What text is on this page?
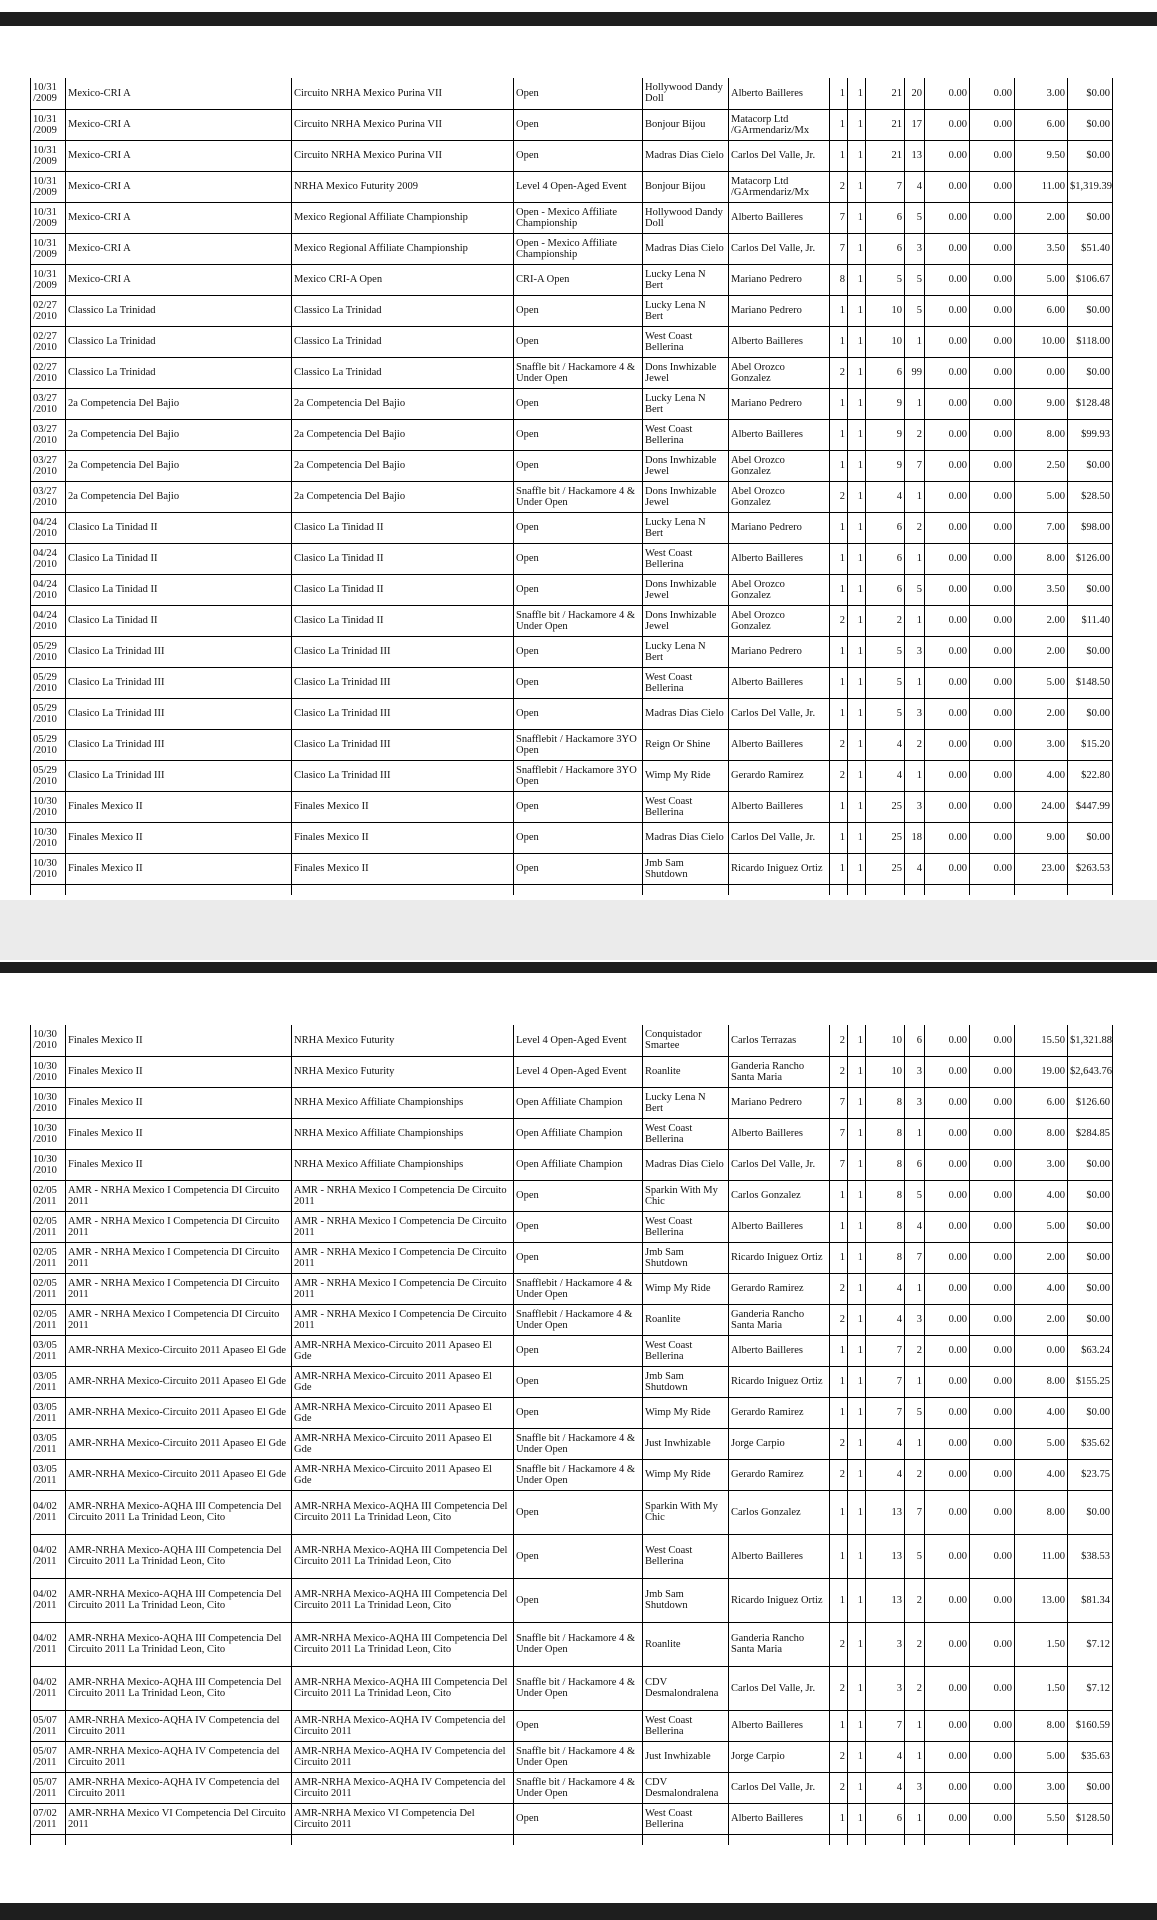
10/31 /2009	Mexico-CRI A	Circuito NRHA Mexico Purina VII	Open	Hollywood Dandy Doll	Alberto Bailleres	1	1	21	20	0.00	0.00	3.00	$0.00
10/31 /2009	Mexico-CRI A	Circuito NRHA Mexico Purina VII	Open	Bonjour Bijou	Matacorp Ltd /GArmendariz/Mx	1	1	21	17	0.00	0.00	6.00	$0.00
10/31 /2009	Mexico-CRI A	Circuito NRHA Mexico Purina VII	Open	Madras Dias Cielo	Carlos Del Valle, Jr.	1	1	21	13	0.00	0.00	9.50	$0.00
10/31 /2009	Mexico-CRI A	NRHA Mexico Futurity 2009	Level 4 Open-Aged Event	Bonjour Bijou	Matacorp Ltd /GArmendariz/Mx	2	1	7	4	0.00	0.00	11.00	$1,319.39
10/31 /2009	Mexico-CRI A	Mexico Regional Affiliate Championship	Open - Mexico Affiliate Championship	Hollywood Dandy Doll	Alberto Bailleres	7	1	6	5	0.00	0.00	2.00	$0.00
10/31 /2009	Mexico-CRI A	Mexico Regional Affiliate Championship	Open - Mexico Affiliate Championship	Madras Dias Cielo	Carlos Del Valle, Jr.	7	1	6	3	0.00	0.00	3.50	$51.40
10/31 /2009	Mexico-CRI A	Mexico CRI-A Open	CRI-A Open	Lucky Lena N Bert	Mariano Pedrero	8	1	5	5	0.00	0.00	5.00	$106.67
02/27 /2010	Classico La Trinidad	Classico La Trinidad	Open	Lucky Lena N Bert	Mariano Pedrero	1	1	10	5	0.00	0.00	6.00	$0.00
02/27 /2010	Classico La Trinidad	Classico La Trinidad	Open	West Coast Bellerina	Alberto Bailleres	1	1	10	1	0.00	0.00	10.00	$118.00
02/27 /2010	Classico La Trinidad	Classico La Trinidad	Snaffle bit / Hackamore 4 & Under Open	Dons Inwhizable Jewel	Abel Orozco Gonzalez	2	1	6	99	0.00	0.00	0.00	$0.00
03/27 /2010	2a Competencia Del Bajio	2a Competencia Del Bajio	Open	Lucky Lena N Bert	Mariano Pedrero	1	1	9	1	0.00	0.00	9.00	$128.48
03/27 /2010	2a Competencia Del Bajio	2a Competencia Del Bajio	Open	West Coast Bellerina	Alberto Bailleres	1	1	9	2	0.00	0.00	8.00	$99.93
03/27 /2010	2a Competencia Del Bajio	2a Competencia Del Bajio	Open	Dons Inwhizable Jewel	Abel Orozco Gonzalez	1	1	9	7	0.00	0.00	2.50	$0.00
03/27 /2010	2a Competencia Del Bajio	2a Competencia Del Bajio	Snaffle bit / Hackamore 4 & Under Open	Dons Inwhizable Jewel	Abel Orozco Gonzalez	2	1	4	1	0.00	0.00	5.00	$28.50
04/24 /2010	Clasico La Tinidad II	Clasico La Tinidad II	Open	Lucky Lena N Bert	Mariano Pedrero	1	1	6	2	0.00	0.00	7.00	$98.00
04/24 /2010	Clasico La Tinidad II	Clasico La Tinidad II	Open	West Coast Bellerina	Alberto Bailleres	1	1	6	1	0.00	0.00	8.00	$126.00
04/24 /2010	Clasico La Tinidad II	Clasico La Tinidad II	Open	Dons Inwhizable Jewel	Abel Orozco Gonzalez	1	1	6	5	0.00	0.00	3.50	$0.00
04/24 /2010	Clasico La Tinidad II	Clasico La Tinidad II	Snaffle bit / Hackamore 4 & Under Open	Dons Inwhizable Jewel	Abel Orozco Gonzalez	2	1	2	1	0.00	0.00	2.00	$11.40
05/29 /2010	Clasico La Trinidad III	Clasico La Trinidad III	Open	Lucky Lena N Bert	Mariano Pedrero	1	1	5	3	0.00	0.00	2.00	$0.00
05/29 /2010	Clasico La Trinidad III	Clasico La Trinidad III	Open	West Coast Bellerina	Alberto Bailleres	1	1	5	1	0.00	0.00	5.00	$148.50
05/29 /2010	Clasico La Trinidad III	Clasico La Trinidad III	Open	Madras Dias Cielo	Carlos Del Valle, Jr.	1	1	5	3	0.00	0.00	2.00	$0.00
05/29 /2010	Clasico La Trinidad III	Clasico La Trinidad III	Snafflebit / Hackamore 3YO Open	Reign Or Shine	Alberto Bailleres	2	1	4	2	0.00	0.00	3.00	$15.20
05/29 /2010	Clasico La Trinidad III	Clasico La Trinidad III	Snafflebit / Hackamore 3YO Open	Wimp My Ride	Gerardo Ramirez	2	1	4	1	0.00	0.00	4.00	$22.80
10/30 /2010	Finales Mexico II	Finales Mexico II	Open	West Coast Bellerina	Alberto Bailleres	1	1	25	3	0.00	0.00	24.00	$447.99
10/30 /2010	Finales Mexico II	Finales Mexico II	Open	Madras Dias Cielo	Carlos Del Valle, Jr.	1	1	25	18	0.00	0.00	9.00	$0.00
10/30 /2010	Finales Mexico II	Finales Mexico II	Open	Jmb Sam Shutdown	Ricardo Iniguez Ortiz	1	1	25	4	0.00	0.00	23.00	$263.53

10/30 /2010	Finales Mexico II	NRHA Mexico Futurity	Level 4 Open-Aged Event	Conquistador Smartee	Carlos Terrazas	2	1	10	6	0.00	0.00	15.50	$1,321.88
10/30 /2010	Finales Mexico II	NRHA Mexico Futurity	Level 4 Open-Aged Event	Roanlite	Ganderia Rancho Santa Maria	2	1	10	3	0.00	0.00	19.00	$2,643.76
10/30 /2010	Finales Mexico II	NRHA Mexico Affiliate Championships	Open Affiliate Champion	Lucky Lena N Bert	Mariano Pedrero	7	1	8	3	0.00	0.00	6.00	$126.60
10/30 /2010	Finales Mexico II	NRHA Mexico Affiliate Championships	Open Affiliate Champion	West Coast Bellerina	Alberto Bailleres	7	1	8	1	0.00	0.00	8.00	$284.85
10/30 /2010	Finales Mexico II	NRHA Mexico Affiliate Championships	Open Affiliate Champion	Madras Dias Cielo	Carlos Del Valle, Jr.	7	1	8	6	0.00	0.00	3.00	$0.00
02/05 /2011	AMR - NRHA Mexico I Competencia DI Circuito 2011	AMR - NRHA Mexico I Competencia De Circuito 2011	Open	Sparkin With My Chic	Carlos Gonzalez	1	1	8	5	0.00	0.00	4.00	$0.00
02/05 /2011	AMR - NRHA Mexico I Competencia DI Circuito 2011	AMR - NRHA Mexico I Competencia De Circuito 2011	Open	West Coast Bellerina	Alberto Bailleres	1	1	8	4	0.00	0.00	5.00	$0.00
02/05 /2011	AMR - NRHA Mexico I Competencia DI Circuito 2011	AMR - NRHA Mexico I Competencia De Circuito 2011	Open	Jmb Sam Shutdown	Ricardo Iniguez Ortiz	1	1	8	7	0.00	0.00	2.00	$0.00
02/05 /2011	AMR - NRHA Mexico I Competencia DI Circuito 2011	AMR - NRHA Mexico I Competencia De Circuito 2011	Snafflebit / Hackamore 4 & Under Open	Wimp My Ride	Gerardo Ramirez	2	1	4	1	0.00	0.00	4.00	$0.00
02/05 /2011	AMR - NRHA Mexico I Competencia DI Circuito 2011	AMR - NRHA Mexico I Competencia De Circuito 2011	Snafflebit / Hackamore 4 & Under Open	Roanlite	Ganderia Rancho Santa Maria	2	1	4	3	0.00	0.00	2.00	$0.00
03/05 /2011	AMR-NRHA Mexico-Circuito 2011 Apaseo El Gde	AMR-NRHA Mexico-Circuito 2011 Apaseo El Gde	Open	West Coast Bellerina	Alberto Bailleres	1	1	7	2	0.00	0.00	0.00	$63.24
03/05 /2011	AMR-NRHA Mexico-Circuito 2011 Apaseo El Gde	AMR-NRHA Mexico-Circuito 2011 Apaseo El Gde	Open	Jmb Sam Shutdown	Ricardo Iniguez Ortiz	1	1	7	1	0.00	0.00	8.00	$155.25
03/05 /2011	AMR-NRHA Mexico-Circuito 2011 Apaseo El Gde	AMR-NRHA Mexico-Circuito 2011 Apaseo El Gde	Open	Wimp My Ride	Gerardo Ramirez	1	1	7	5	0.00	0.00	4.00	$0.00
03/05 /2011	AMR-NRHA Mexico-Circuito 2011 Apaseo El Gde	AMR-NRHA Mexico-Circuito 2011 Apaseo El Gde	Snaffle bit / Hackamore 4 & Under Open	Just Inwhizable	Jorge Carpio	2	1	4	1	0.00	0.00	5.00	$35.62
03/05 /2011	AMR-NRHA Mexico-Circuito 2011 Apaseo El Gde	AMR-NRHA Mexico-Circuito 2011 Apaseo El Gde	Snaffle bit / Hackamore 4 & Under Open	Wimp My Ride	Gerardo Ramirez	2	1	4	2	0.00	0.00	4.00	$23.75
04/02 /2011	AMR-NRHA Mexico-AQHA III Competencia Del Circuito 2011 La Trinidad Leon, Cito	AMR-NRHA Mexico-AQHA III Competencia Del Circuito 2011 La Trinidad Leon, Cito	Open	Sparkin With My Chic	Carlos Gonzalez	1	1	13	7	0.00	0.00	8.00	$0.00
04/02 /2011	AMR-NRHA Mexico-AQHA III Competencia Del Circuito 2011 La Trinidad Leon, Cito	AMR-NRHA Mexico-AQHA III Competencia Del Circuito 2011 La Trinidad Leon, Cito	Open	West Coast Bellerina	Alberto Bailleres	1	1	13	5	0.00	0.00	11.00	$38.53
04/02 /2011	AMR-NRHA Mexico-AQHA III Competencia Del Circuito 2011 La Trinidad Leon, Cito	AMR-NRHA Mexico-AQHA III Competencia Del Circuito 2011 La Trinidad Leon, Cito	Open	Jmb Sam Shutdown	Ricardo Iniguez Ortiz	1	1	13	2	0.00	0.00	13.00	$81.34
04/02 /2011	AMR-NRHA Mexico-AQHA III Competencia Del Circuito 2011 La Trinidad Leon, Cito	AMR-NRHA Mexico-AQHA III Competencia Del Circuito 2011 La Trinidad Leon, Cito	Snaffle bit / Hackamore 4 & Under Open	Roanlite	Ganderia Rancho Santa Maria	2	1	3	2	0.00	0.00	1.50	$7.12
04/02 /2011	AMR-NRHA Mexico-AQHA III Competencia Del Circuito 2011 La Trinidad Leon, Cito	AMR-NRHA Mexico-AQHA III Competencia Del Circuito 2011 La Trinidad Leon, Cito	Snaffle bit / Hackamore 4 & Under Open	CDV Desmalondralena	Carlos Del Valle, Jr.	2	1	3	2	0.00	0.00	1.50	$7.12
05/07 /2011	AMR-NRHA Mexico-AQHA IV Competencia del Circuito 2011	AMR-NRHA Mexico-AQHA IV Competencia del Circuito 2011	Open	West Coast Bellerina	Alberto Bailleres	1	1	7	1	0.00	0.00	8.00	$160.59
05/07 /2011	AMR-NRHA Mexico-AQHA IV Competencia del Circuito 2011	AMR-NRHA Mexico-AQHA IV Competencia del Circuito 2011	Snaffle bit / Hackamore 4 & Under Open	Just Inwhizable	Jorge Carpio	2	1	4	1	0.00	0.00	5.00	$35.63
05/07 /2011	AMR-NRHA Mexico-AQHA IV Competencia del Circuito 2011	AMR-NRHA Mexico-AQHA IV Competencia del Circuito 2011	Snaffle bit / Hackamore 4 & Under Open	CDV Desmalondralena	Carlos Del Valle, Jr.	2	1	4	3	0.00	0.00	3.00	$0.00
07/02 /2011	AMR-NRHA Mexico VI Competencia Del Circuito 2011	AMR-NRHA Mexico VI Competencia Del Circuito 2011	Open	West Coast Bellerina	Alberto Bailleres	1	1	6	1	0.00	0.00	5.50	$128.50
